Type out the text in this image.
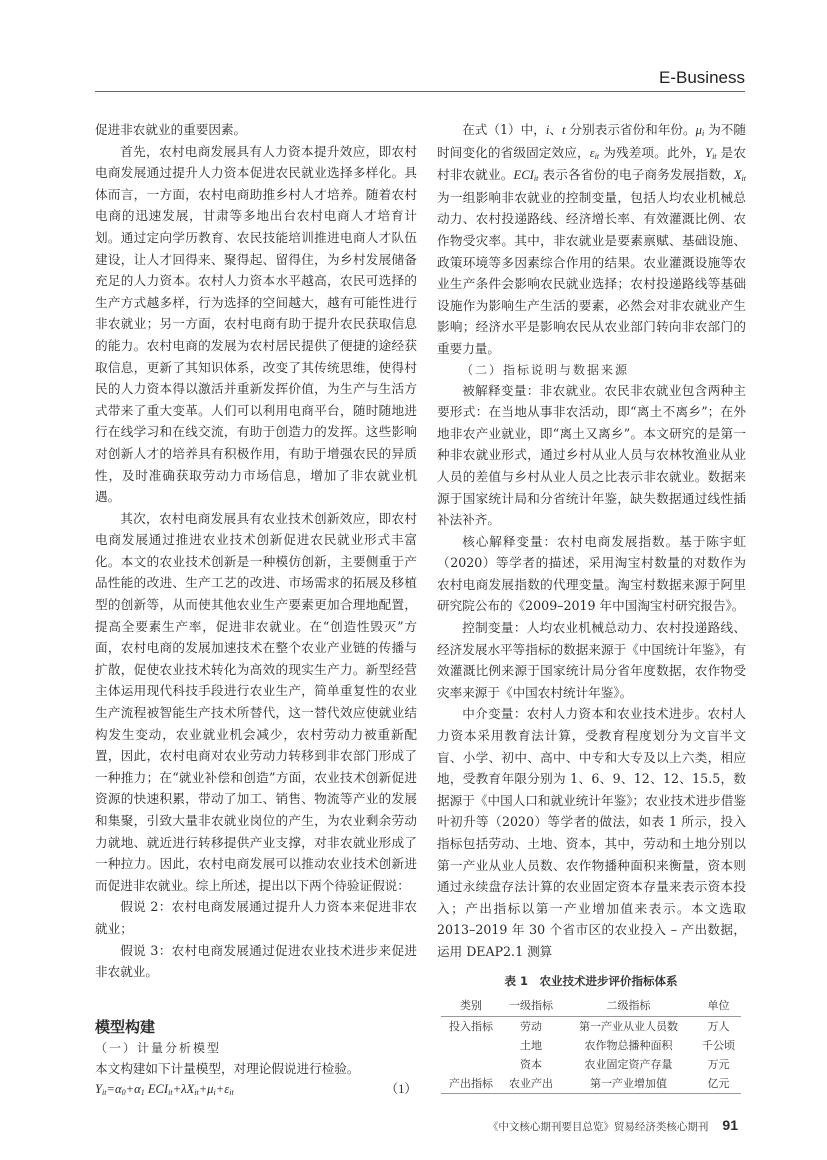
E-Business

促进非农就业的重要因素。

首先，农村电商发展具有人力资本提升效应，即农村电商发展通过提升人力资本促进农民就业选择多样化。具体而言，一方面，农村电商助推乡村人才培养。随着农村电商的迅速发展，甘肃等多地出台农村电商人才培育计划。通过定向学历教育、农民技能培训推进电商人才队伍建设，让人才回得来、聚得起、留得住，为乡村发展储备充足的人力资本。农村人力资本水平越高，农民可选择的生产方式越多样，行为选择的空间越大，越有可能性进行非农就业；另一方面，农村电商有助于提升农民获取信息的能力。农村电商的发展为农村居民提供了便捷的途经获取信息，更新了其知识体系，改变了其传统思维，使得村民的人力资本得以激活并重新发挥价值，为生产与生活方式带来了重大变革。人们可以利用电商平台，随时随地进行在线学习和在线交流，有助于创造力的发挥。这些影响对创新人才的培养具有积极作用，有助于增强农民的异质性，及时准确获取劳动力市场信息，增加了非农就业机遇。

其次，农村电商发展具有农业技术创新效应，即农村电商发展通过推进农业技术创新促进农民就业形式丰富化。本文的农业技术创新是一种模仿创新，主要侧重于产品性能的改进、生产工艺的改进、市场需求的拓展及移植型的创新等，从而使其他农业生产要素更加合理地配置，提高全要素生产率，促进非农就业。在“创造性毁灭”方面，农村电商的发展加速技术在整个农业产业链的传播与扩散，促使农业技术转化为高效的现实生产力。新型经营主体运用现代科技手段进行农业生产，简单重复性的农业生产流程被智能生产技术所替代，这一替代效应使就业结构发生变动，农业就业机会减少，农村劳动力被重新配置，因此，农村电商对农业劳动力转移到非农部门形成了一种推力；在“就业补偿和创造”方面，农业技术创新促进资源的快速积累，带动了加工、销售、物流等产业的发展和集聚，引致大量非农就业岗位的产生，为农业剩余劳动力就地、就近进行转移提供产业支撑，对非农就业形成了一种拉力。因此，农村电商发展可以推动农业技术创新进而促进非农就业。综上所述，提出以下两个待验证假说：

假说 2：农村电商发展通过提升人力资本来促进非农就业；

假说 3：农村电商发展通过促进农业技术进步来促进非农就业。

模型构建

（一）计量分析模型

本文构建如下计量模型，对理论假说进行检验。

$Y_{it}=\alpha_0+\alpha_1$ $ECI_{it}+\lambda X_{it}+\mu_i+\varepsilon_{it}$	（1）

在式（1）中，i、t 分别表示省份和年份。$\mu_i$ 为不随时间变化的省级固定效应，$\varepsilon_{it}$ 为残差项。此外，$Y_{it}$ 是农村非农就业。$ECI_{it}$ 表示各省份的电子商务发展指数，$X_{it}$ 为一组影响非农就业的控制变量，包括人均农业机械总动力、农村投递路线、经济增长率、有效灌溉比例、农作物受灾率。其中，非农就业是要素禀赋、基础设施、政策环境等多因素综合作用的结果。农业灌溉设施等农业生产条件会影响农民就业选择；农村投递路线等基础设施作为影响生产生活的要素，必然会对非农就业产生影响；经济水平是影响农民从农业部门转向非农部门的重要力量。

（二）指标说明与数据来源

被解释变量：非农就业。农民非农就业包含两种主要形式：在当地从事非农活动，即“离土不离乡”；在外地非农产业就业，即“离土又离乡”。本文研究的是第一种非农就业形式，通过乡村从业人员与农林牧渔业从业人员的差值与乡村从业人员之比表示非农就业。数据来源于国家统计局和分省统计年鉴，缺失数据通过线性插补法补齐。

核心解释变量：农村电商发展指数。基于陈宇虹（2020）等学者的描述，采用淘宝村数量的对数作为农村电商发展指数的代理变量。淘宝村数据来源于阿里研究院公布的《2009–2019 年中国淘宝村研究报告》。

控制变量：人均农业机械总动力、农村投递路线、经济发展水平等指标的数据来源于《中国统计年鉴》，有效灌溉比例来源于国家统计局分省年度数据，农作物受灾率来源于《中国农村统计年鉴》。

中介变量：农村人力资本和农业技术进步。农村人力资本采用教育法计算，受教育程度划分为文盲半文盲、小学、初中、高中、中专和大专及以上六类，相应地，受教育年限分别为 1、6、9、12、12、15.5，数据源于《中国人口和就业统计年鉴》；农业技术进步借鉴叶初升等（2020）等学者的做法，如表 1 所示，投入指标包括劳动、土地、资本，其中，劳动和土地分别以第一产业从业人员数、农作物播种面积来衡量，资本则通过永续盘存法计算的农业固定资本存量来表示资本投入；产出指标以第一产业增加值来表示。本文选取 2013–2019 年 30 个省市区的农业投入 – 产出数据，运用 DEAP2.1 测算

表 1　农业技术进步评价指标体系
类别	一级指标	二级指标	单位
投入指标	劳动	第一产业从业人员数	万人
	土地	农作物总播种面积	千公顷
	资本	农业固定资产存量	万元
产出指标	农业产出	第一产业增加值	亿元
《中文核心期刊要目总览》贸易经济类核心期刊 91
